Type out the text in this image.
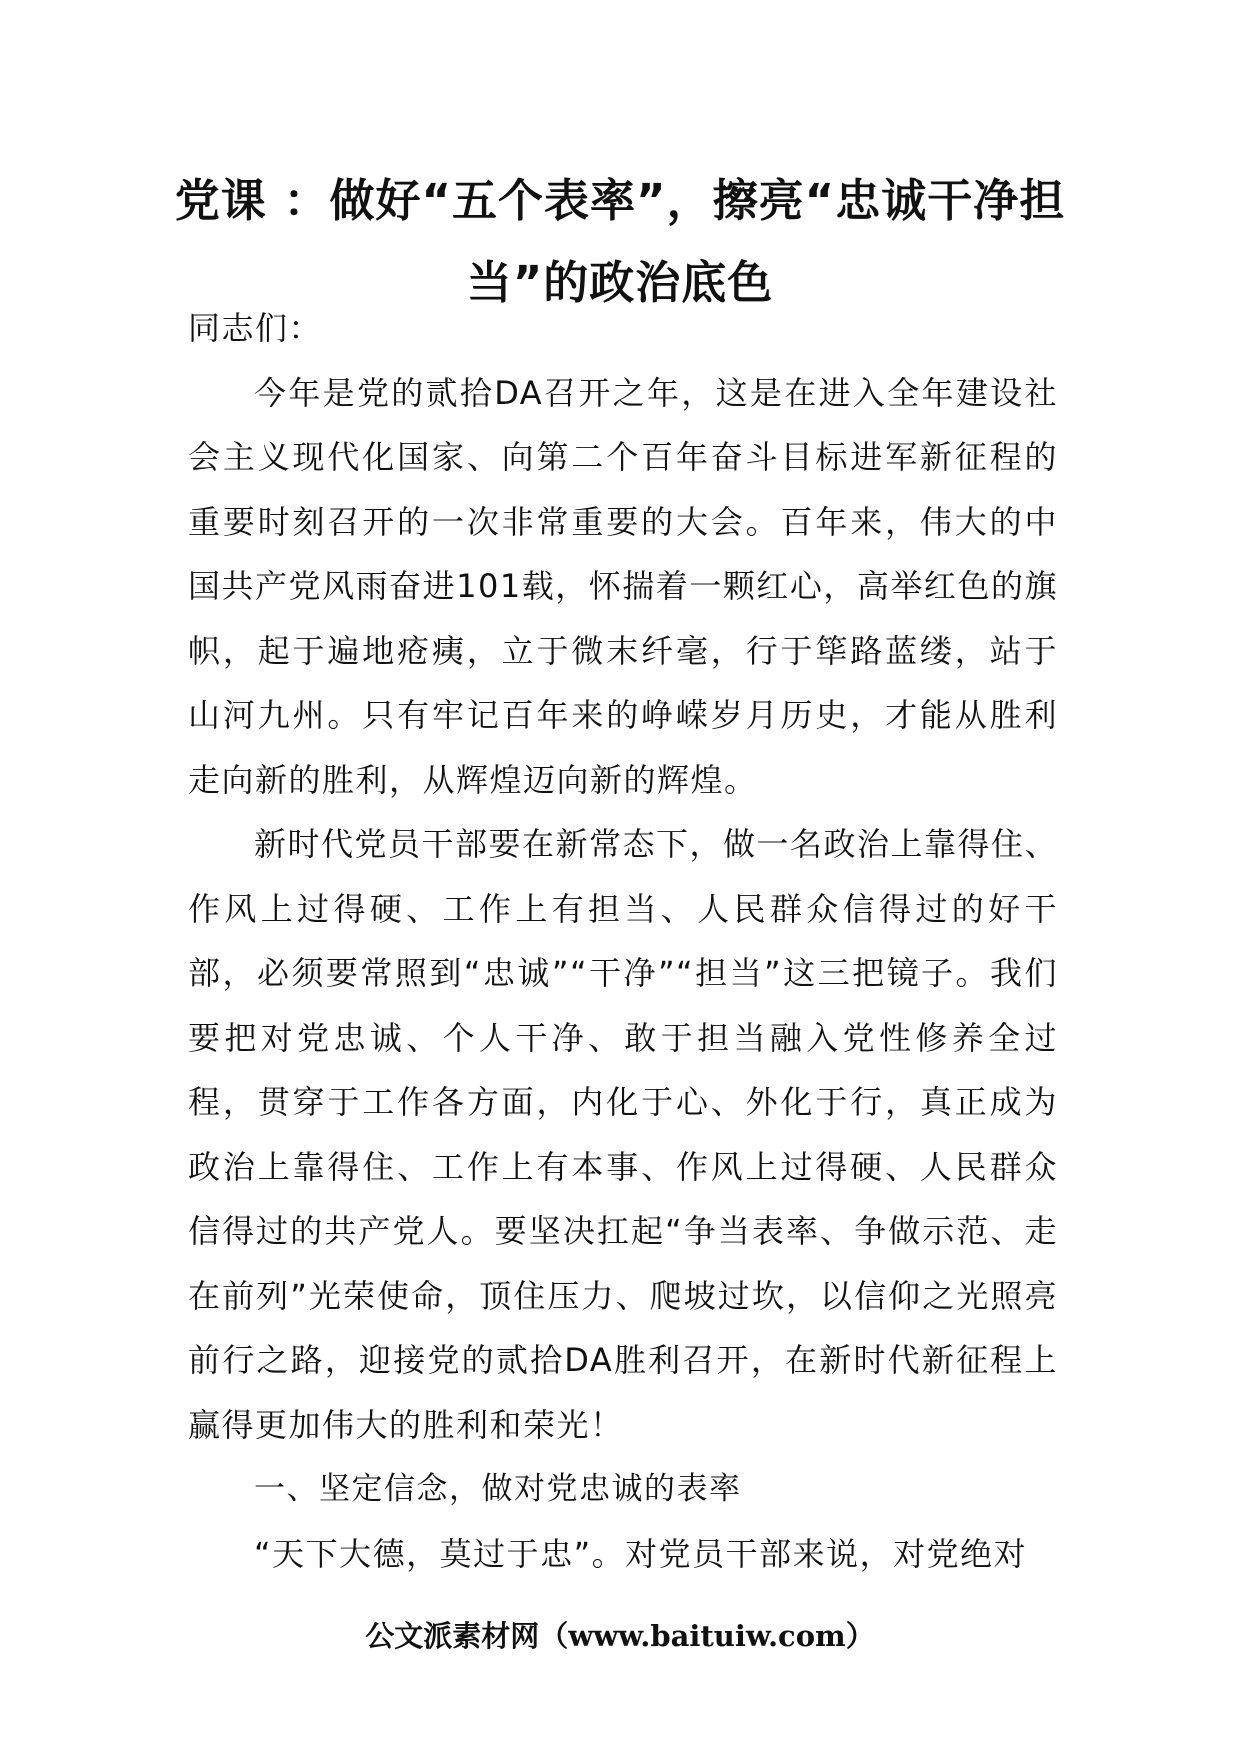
党课 ：做好“五个表率”，擦亮“忠诚干净担当”的政治底色

同志们：

今年是党的贰拾DA召开之年，这是在进入全年建设社会主义现代化国家、向第二个百年奋斗目标进军新征程的重要时刻召开的一次非常重要的大会。百年来，伟大的中国共产党风雨奋进101载，怀揣着一颗红心，高举红色的旗帜，起于遍地疮痍，立于微末纤毫，行于筚路蓝缕，站于山河九州。只有牢记百年来的峥嵘岁月历史，才能从胜利走向新的胜利，从辉煌迈向新的辉煌。

新时代党员干部要在新常态下，做一名政治上靠得住、作风上过得硬、工作上有担当、人民群众信得过的好干部，必须要常照到“忠诚”“干净”“担当”这三把镜子。我们要把对党忠诚、个人干净、敢于担当融入党性修养全过程，贯穿于工作各方面，内化于心、外化于行，真正成为政治上靠得住、工作上有本事、作风上过得硬、人民群众信得过的共产党人。要坚决扛起“争当表率、争做示范、走在前列”光荣使命，顶住压力、爬坡过坎，以信仰之光照亮前行之路，迎接党的贰拾DA胜利召开，在新时代新征程上赢得更加伟大的胜利和荣光！

一、坚定信念，做对党忠诚的表率

“天下大德，莫过于忠”。对党员干部来说，对党绝对

公文派素材网（www.baituiw.com）
